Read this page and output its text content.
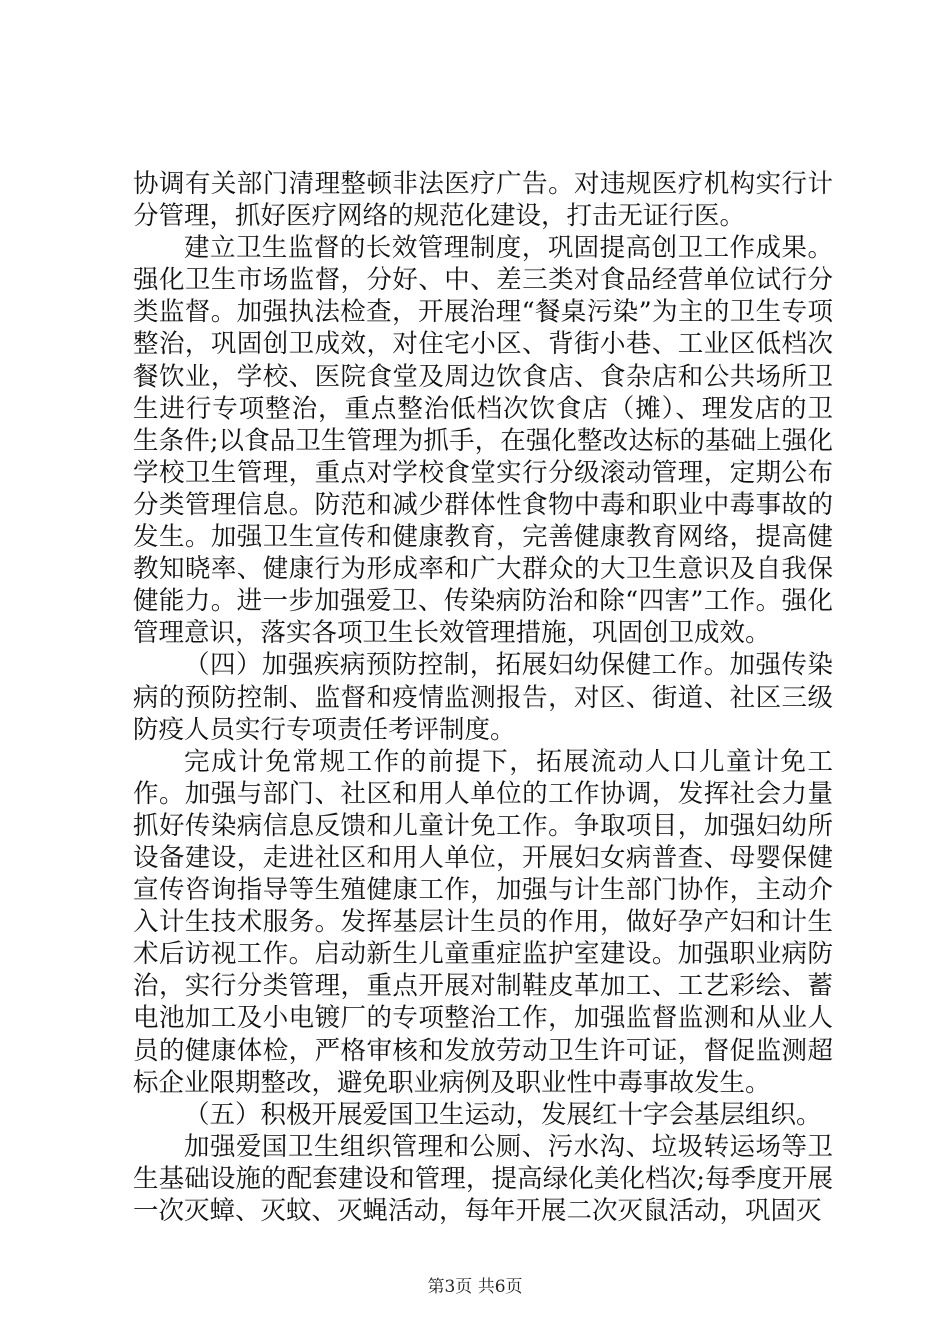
协调有关部门清理整顿非法医疗广告。对违规医疗机构实行计分管理，抓好医疗网络的规范化建设，打击无证行医。

建立卫生监督的长效管理制度，巩固提高创卫工作成果。强化卫生市场监督，分好、中、差三类对食品经营单位试行分类监督。加强执法检查，开展治理“餐桌污染”为主的卫生专项整治，巩固创卫成效，对住宅小区、背街小巷、工业区低档次餐饮业，学校、医院食堂及周边饮食店、食杂店和公共场所卫生进行专项整治，重点整治低档次饮食店（摊）、理发店的卫生条件;以食品卫生管理为抓手，在强化整改达标的基础上强化学校卫生管理，重点对学校食堂实行分级滚动管理，定期公布分类管理信息。防范和减少群体性食物中毒和职业中毒事故的发生。加强卫生宣传和健康教育，完善健康教育网络，提高健教知晓率、健康行为形成率和广大群众的大卫生意识及自我保健能力。进一步加强爱卫、传染病防治和除“四害”工作。强化管理意识，落实各项卫生长效管理措施，巩固创卫成效。

（四）加强疾病预防控制，拓展妇幼保健工作。加强传染病的预防控制、监督和疫情监测报告，对区、街道、社区三级防疫人员实行专项责任考评制度。

完成计免常规工作的前提下，拓展流动人口儿童计免工作。加强与部门、社区和用人单位的工作协调，发挥社会力量抓好传染病信息反馈和儿童计免工作。争取项目，加强妇幼所设备建设，走进社区和用人单位，开展妇女病普查、母婴保健宣传咨询指导等生殖健康工作，加强与计生部门协作，主动介入计生技术服务。发挥基层计生员的作用，做好孕产妇和计生术后访视工作。启动新生儿童重症监护室建设。加强职业病防治，实行分类管理，重点开展对制鞋皮革加工、工艺彩绘、蓄电池加工及小电镀厂的专项整治工作，加强监督监测和从业人员的健康体检，严格审核和发放劳动卫生许可证，督促监测超标企业限期整改，避免职业病例及职业性中毒事故发生。

（五）积极开展爱国卫生运动，发展红十字会基层组织。

加强爱国卫生组织管理和公厕、污水沟、垃圾转运场等卫生基础设施的配套建设和管理，提高绿化美化档次;每季度开展一次灭蟑、灭蚊、灭蝇活动，每年开展二次灭鼠活动，巩固灭

第3页 共6页
